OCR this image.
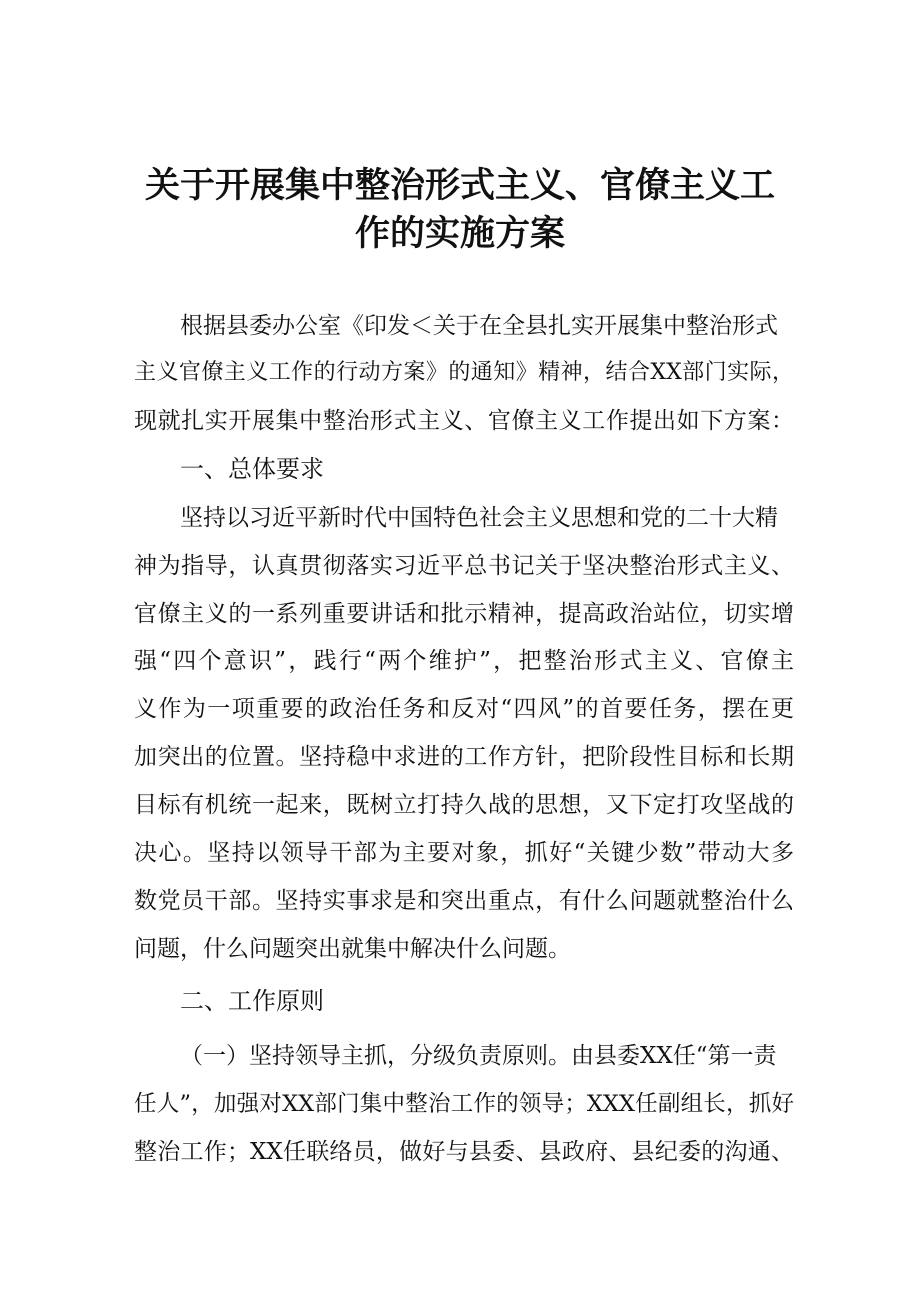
关于开展集中整治形式主义、官僚主义工
作的实施方案
根据县委办公室《印发＜关于在全县扎实开展集中整治形式
主义官僚主义工作的行动方案》的通知》精神，结合XX部门实际，
现就扎实开展集中整治形式主义、官僚主义工作提出如下方案：
一、总体要求
坚持以习近平新时代中国特色社会主义思想和党的二十大精
神为指导，认真贯彻落实习近平总书记关于坚决整治形式主义、
官僚主义的一系列重要讲话和批示精神，提高政治站位，切实增
强“四个意识”，践行“两个维护”，把整治形式主义、官僚主
义作为一项重要的政治任务和反对“四风”的首要任务，摆在更
加突出的位置。坚持稳中求进的工作方针，把阶段性目标和长期
目标有机统一起来，既树立打持久战的思想，又下定打攻坚战的
决心。坚持以领导干部为主要对象，抓好“关键少数”带动大多
数党员干部。坚持实事求是和突出重点，有什么问题就整治什么
问题，什么问题突出就集中解决什么问题。
二、工作原则
（一）坚持领导主抓，分级负责原则。由县委XX任“第一责
任人”，加强对XX部门集中整治工作的领导；XXX任副组长，抓好
整治工作；XX任联络员，做好与县委、县政府、县纪委的沟通、
